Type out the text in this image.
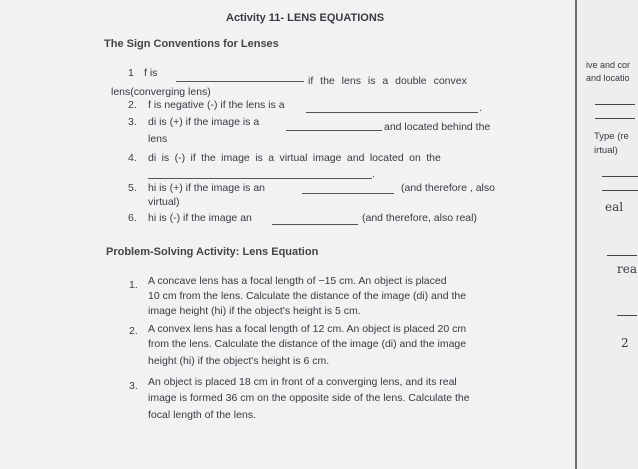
Activity 11- LENS EQUATIONS
The Sign Conventions for Lenses
1 f is
if the lens is a double convex
lens(converging lens)
2. f is negative (-) if the lens is a	.
3. di is (+) if the image is a	and located behind the
lens
4. di is (-) if the image is a virtual image and located on the
.
5. hi is (+) if the image is an	(and therefore , also
virtual)
6. hi is (-) if the image an	(and therefore, also real)
Problem-Solving Activity: Lens Equation
1. A concave lens has a focal length of −15 cm. An object is placed
10 cm from the lens. Calculate the distance of the image (di) and the
image height (hi) if the object's height is 5 cm.
2. A convex lens has a focal length of 12 cm. An object is placed 20 cm
from the lens. Calculate the distance of the image (di) and the image
height (hi) if the object's height is 6 cm.
3. An object is placed 18 cm in front of a converging lens, and its real
image is formed 36 cm on the opposite side of the lens. Calculate the
focal length of the lens.
ive and cor
and locatio
Type (re
irtual)
eal
rea
2
